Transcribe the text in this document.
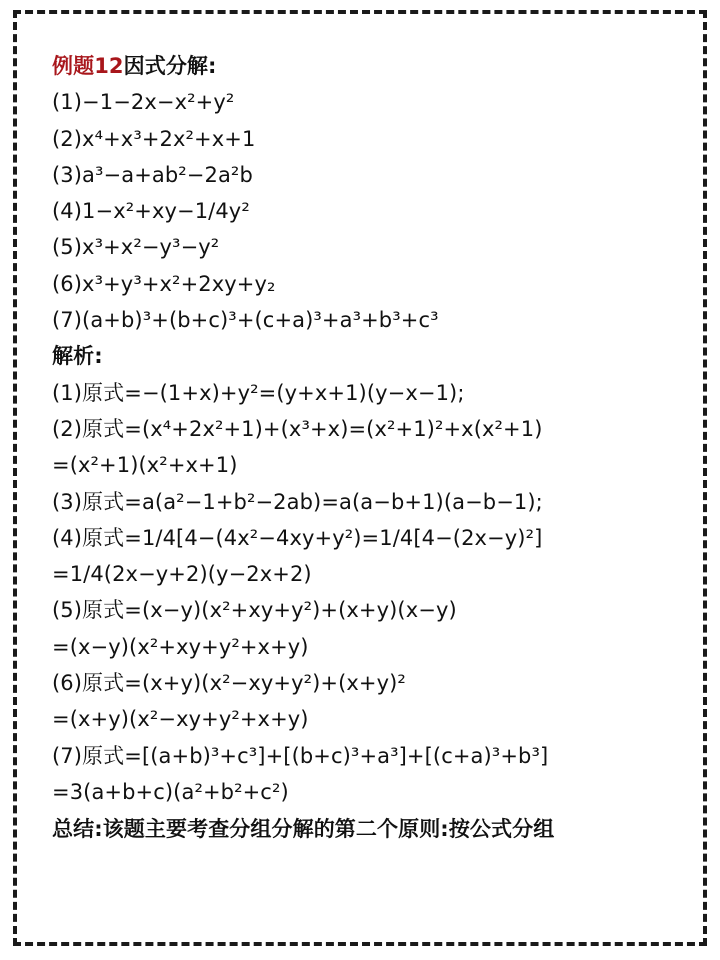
例题12因式分解:
(1)−1−2x−x²+y²
(2)x⁴+x³+2x²+x+1
(3)a³−a+ab²−2a²b
(4)1−x²+xy−1/4y²
(5)x³+x²−y³−y²
(6)x³+y³+x²+2xy+y₂
(7)(a+b)³+(b+c)³+(c+a)³+a³+b³+c³
解析:
(1)原式=−(1+x)+y²=(y+x+1)(y−x−1);
(2)原式=(x⁴+2x²+1)+(x³+x)=(x²+1)²+x(x²+1)
=(x²+1)(x²+x+1)
(3)原式=a(a²−1+b²−2ab)=a(a−b+1)(a−b−1);
(4)原式=1/4[4−(4x²−4xy+y²)=1/4[4−(2x−y)²]
=1/4(2x−y+2)(y−2x+2)
(5)原式=(x−y)(x²+xy+y²)+(x+y)(x−y)
=(x−y)(x²+xy+y²+x+y)
(6)原式=(x+y)(x²−xy+y²)+(x+y)²
=(x+y)(x²−xy+y²+x+y)
(7)原式=[(a+b)³+c³]+[(b+c)³+a³]+[(c+a)³+b³]
=3(a+b+c)(a²+b²+c²)
总结:该题主要考查分组分解的第二个原则:按公式分组
